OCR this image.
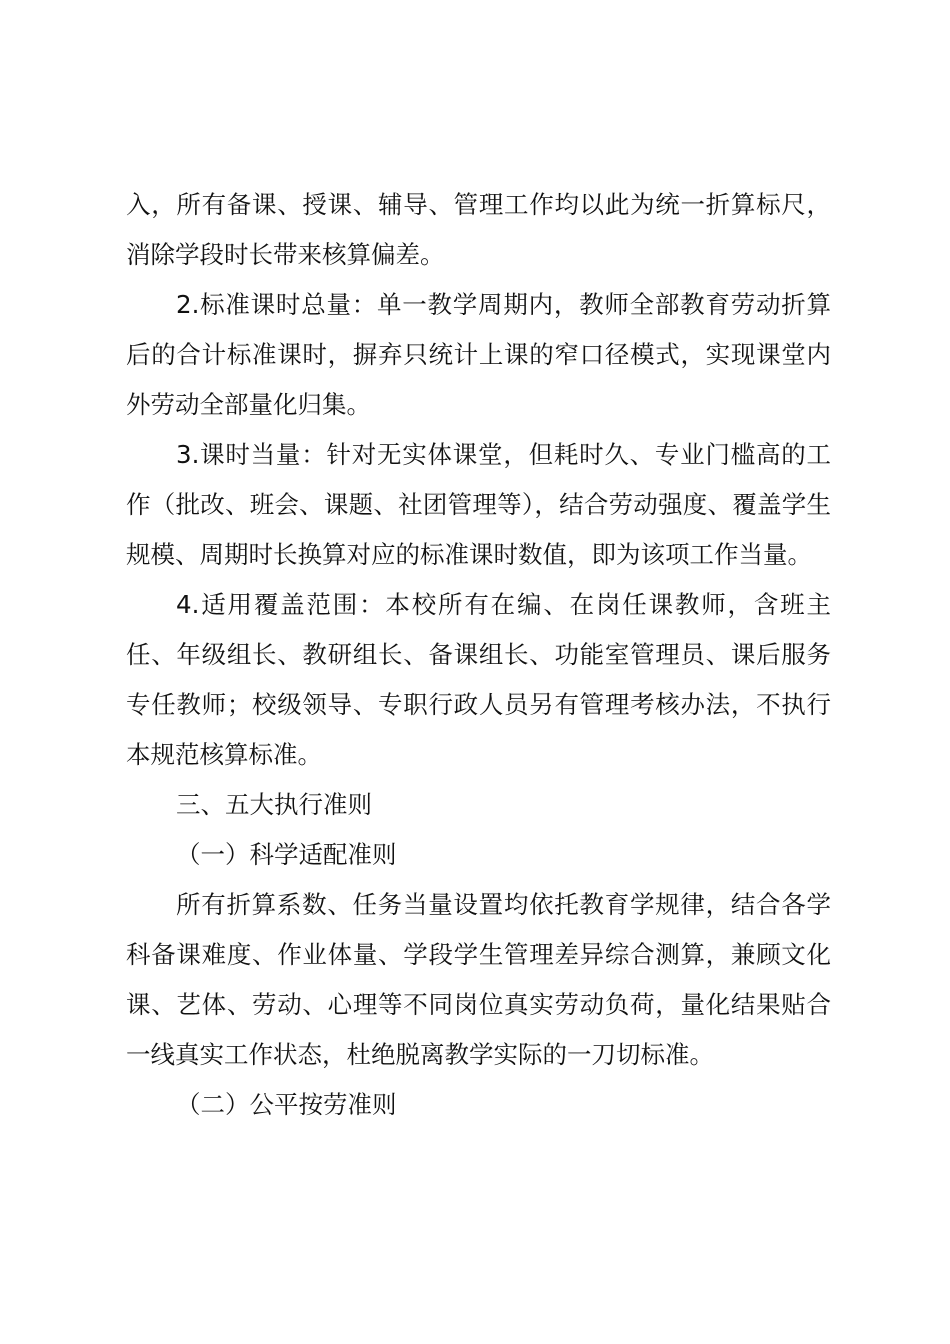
入，所有备课、授课、辅导、管理工作均以此为统一折算标尺，消除学段时长带来核算偏差。

2.标准课时总量：单一教学周期内，教师全部教育劳动折算后的合计标准课时，摒弃只统计上课的窄口径模式，实现课堂内外劳动全部量化归集。

3.课时当量：针对无实体课堂，但耗时久、专业门槛高的工作（批改、班会、课题、社团管理等），结合劳动强度、覆盖学生规模、周期时长换算对应的标准课时数值，即为该项工作当量。

4.适用覆盖范围：本校所有在编、在岗任课教师，含班主任、年级组长、教研组长、备课组长、功能室管理员、课后服务专任教师；校级领导、专职行政人员另有管理考核办法，不执行本规范核算标准。

三、五大执行准则

（一）科学适配准则

所有折算系数、任务当量设置均依托教育学规律，结合各学科备课难度、作业体量、学段学生管理差异综合测算，兼顾文化课、艺体、劳动、心理等不同岗位真实劳动负荷，量化结果贴合一线真实工作状态，杜绝脱离教学实际的一刀切标准。

（二）公平按劳准则
